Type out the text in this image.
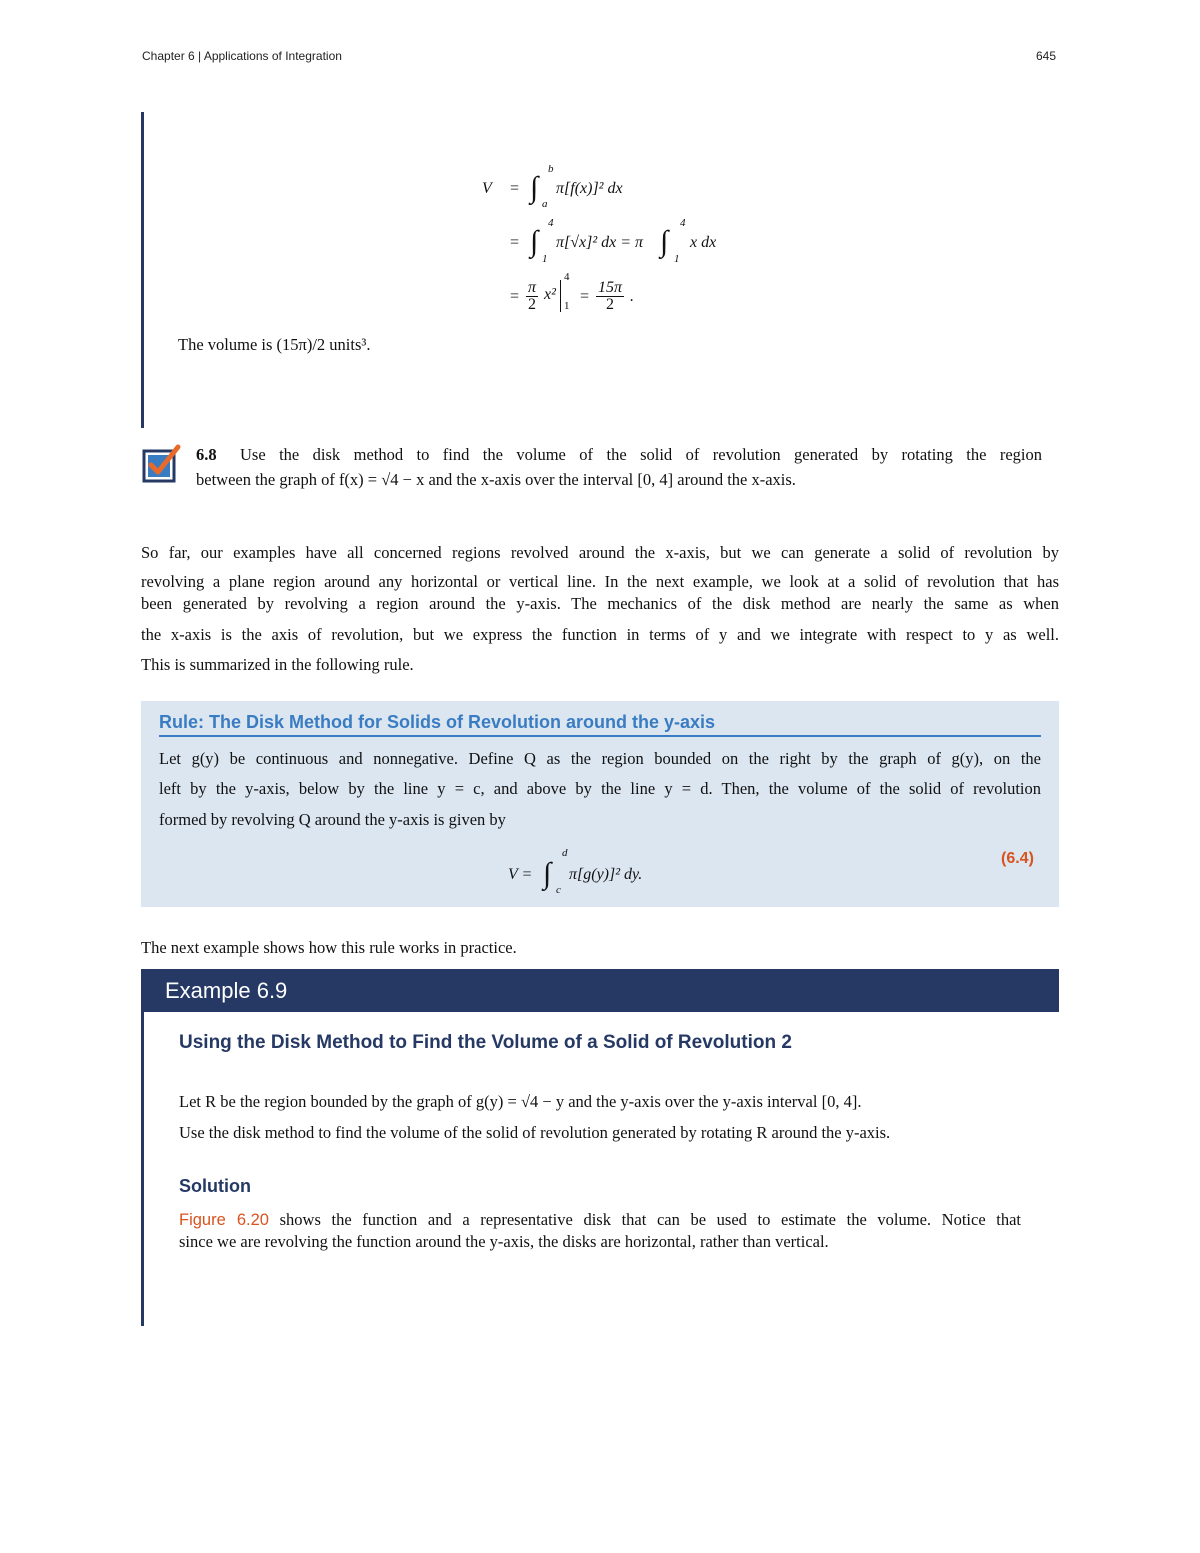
Chapter 6 | Applications of Integration	645
V = ∫
b
a
π[f(x)]² dx
= ∫
4
1
π[√x]² dx = π ∫
4
1
x dx
= $\frac{\pi}{2} x^2$
4
1
= $\frac{15\pi}{2}$ .
The volume is (15π)/2 units³.
6.8 Use the disk method to find the volume of the solid of revolution generated by rotating the region
between the graph of f(x) = √4 − x and the x-axis over the interval [0, 4] around the x-axis.
So far, our examples have all concerned regions revolved around the x-axis, but we can generate a solid of revolution by
revolving a plane region around any horizontal or vertical line. In the next example, we look at a solid of revolution that has
been generated by revolving a region around the y-axis. The mechanics of the disk method are nearly the same as when
the x-axis is the axis of revolution, but we express the function in terms of y and we integrate with respect to y as well.
This is summarized in the following rule.
Rule: The Disk Method for Solids of Revolution around the y-axis
Let g(y) be continuous and nonnegative. Define Q as the region bounded on the right by the graph of g(y), on the
left by the y-axis, below by the line y = c, and above by the line y = d. Then, the volume of the solid of revolution
formed by revolving Q around the y-axis is given by
V = ∫
d
c
π[g(y)]² dy.
(6.4)
The next example shows how this rule works in practice.
Example 6.9
Using the Disk Method to Find the Volume of a Solid of Revolution 2
Let R be the region bounded by the graph of g(y) = √4 − y and the y-axis over the y-axis interval [0, 4].
Use the disk method to find the volume of the solid of revolution generated by rotating R around the y-axis.
Solution
Figure 6.20 shows the function and a representative disk that can be used to estimate the volume. Notice that
since we are revolving the function around the y-axis, the disks are horizontal, rather than vertical.
